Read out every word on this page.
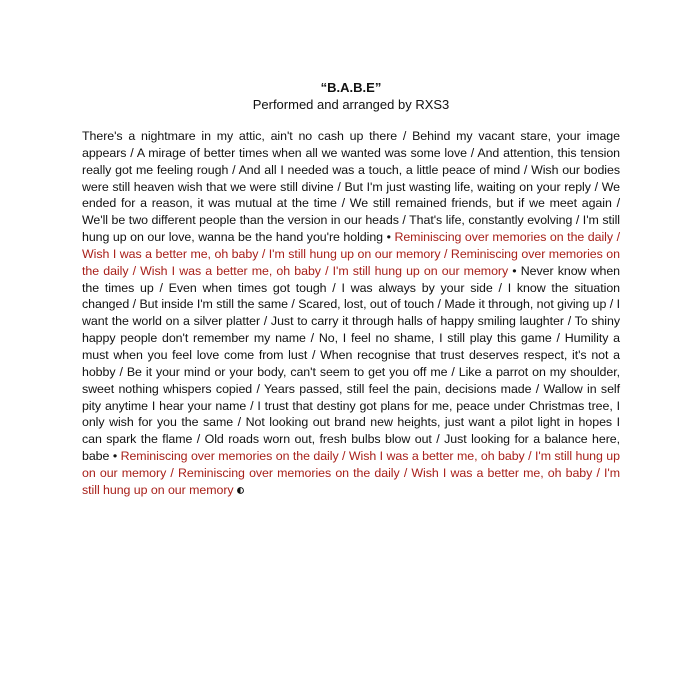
“B.A.B.E”

Performed and arranged by RXS3

There's a nightmare in my attic, ain't no cash up there / Behind my vacant stare, your image appears / A mirage of better times when all we wanted was some love / And attention, this tension really got me feeling rough / And all I needed was a touch, a little peace of mind / Wish our bodies were still heaven wish that we were still divine / But I'm just wasting life, waiting on your reply / We ended for a reason, it was mutual at the time / We still remained friends, but if we meet again / We'll be two different people than the version in our heads / That's life, constantly evolving / I'm still hung up on our love, wanna be the hand you're holding • Reminiscing over memories on the daily / Wish I was a better me, oh baby / I'm still hung up on our memory / Reminiscing over memories on the daily / Wish I was a better me, oh baby / I'm still hung up on our memory • Never know when the times up / Even when times got tough / I was always by your side / I know the situation changed / But inside I'm still the same / Scared, lost, out of touch / Made it through, not giving up / I want the world on a silver platter / Just to carry it through halls of happy smiling laughter / To shiny happy people don't remember my name / No, I feel no shame, I still play this game / Humility a must when you feel love come from lust / When recognise that trust deserves respect, it's not a hobby / Be it your mind or your body, can't seem to get you off me / Like a parrot on my shoulder, sweet nothing whispers copied / Years passed, still feel the pain, decisions made / Wallow in self pity anytime I hear your name / I trust that destiny got plans for me, peace under Christmas tree, I only wish for you the same / Not looking out brand new heights, just want a pilot light in hopes I can spark the flame / Old roads worn out, fresh bulbs blow out / Just looking for a balance here, babe • Reminiscing over memories on the daily / Wish I was a better me, oh baby / I'm still hung up on our memory / Reminiscing over memories on the daily / Wish I was a better me, oh baby / I'm still hung up on our memory
